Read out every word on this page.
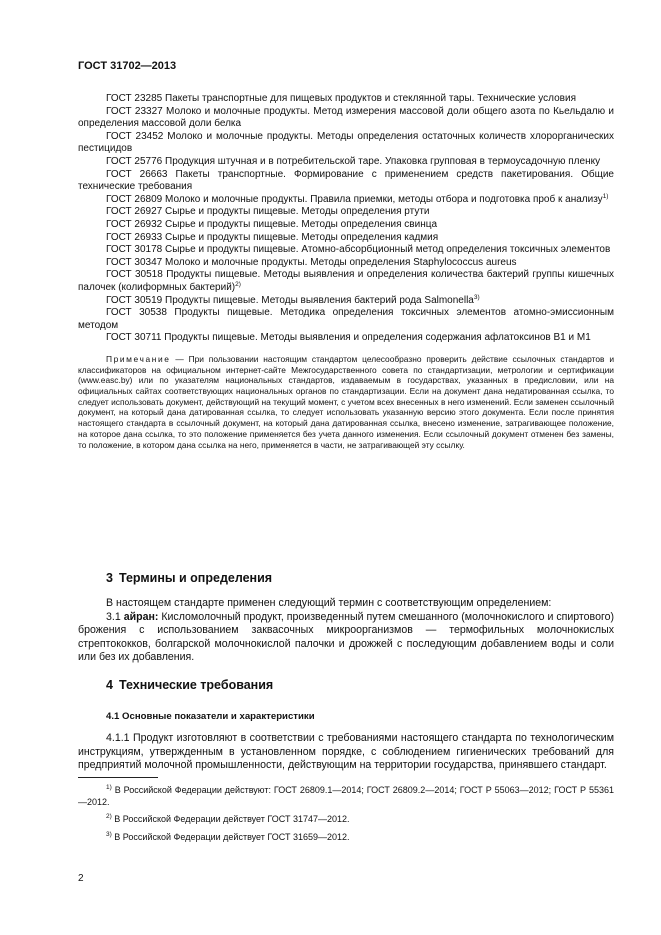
ГОСТ 31702—2013
ГОСТ 23285 Пакеты транспортные для пищевых продуктов и стеклянной тары. Технические условия
ГОСТ 23327 Молоко и молочные продукты. Метод измерения массовой доли общего азота по Кьельдалю и определения массовой доли белка
ГОСТ 23452 Молоко и молочные продукты. Методы определения остаточных количеств хлорорганических пестицидов
ГОСТ 25776 Продукция штучная и в потребительской таре. Упаковка групповая в термоусадочную пленку
ГОСТ 26663 Пакеты транспортные. Формирование с применением средств пакетирования. Общие технические требования
ГОСТ 26809 Молоко и молочные продукты. Правила приемки, методы отбора и подготовка проб к анализу$^{1)}$
ГОСТ 26927 Сырье и продукты пищевые. Методы определения ртути
ГОСТ 26932 Сырье и продукты пищевые. Методы определения свинца
ГОСТ 26933 Сырье и продукты пищевые. Методы определения кадмия
ГОСТ 30178 Сырье и продукты пищевые. Атомно-абсорбционный метод определения токсичных элементов
ГОСТ 30347 Молоко и молочные продукты. Методы определения Staphylococcus aureus
ГОСТ 30518 Продукты пищевые. Методы выявления и определения количества бактерий группы кишечных палочек (колиформных бактерий)$^{2)}$
ГОСТ 30519 Продукты пищевые. Методы выявления бактерий рода Salmonella$^{3)}$
ГОСТ 30538 Продукты пищевые. Методика определения токсичных элементов атомно-эмиссионным методом
ГОСТ 30711 Продукты пищевые. Методы выявления и определения содержания афлатоксинов В1 и М1
Примечание — При пользовании настоящим стандартом целесообразно проверить действие ссылочных стандартов и классификаторов на официальном интернет-сайте Межгосударственного совета по стандартизации, метрологии и сертификации (www.easc.by) или по указателям национальных стандартов, издаваемым в государствах, указанных в предисловии, или на официальных сайтах соответствующих национальных органов по стандартизации. Если на документ дана недатированная ссылка, то следует использовать документ, действующий на текущий момент, с учетом всех внесенных в него изменений. Если заменен ссылочный документ, на который дана датированная ссылка, то следует использовать указанную версию этого документа. Если после принятия настоящего стандарта в ссылочный документ, на который дана датированная ссылка, внесено изменение, затрагивающее положение, на которое дана ссылка, то это положение применяется без учета данного изменения. Если ссылочный документ отменен без замены, то положение, в котором дана ссылка на него, применяется в части, не затрагивающей эту ссылку.
3 Термины и определения
В настоящем стандарте применен следующий термин с соответствующим определением:
3.1 айран: Кисломолочный продукт, произведенный путем смешанного (молочнокислого и спиртового) брожения с использованием заквасочных микроорганизмов — термофильных молочнокислых стрептококков, болгарской молочнокислой палочки и дрожжей с последующим добавлением воды и соли или без их добавления.
4 Технические требования
4.1 Основные показатели и характеристики
4.1.1 Продукт изготовляют в соответствии с требованиями настоящего стандарта по технологическим инструкциям, утвержденным в установленном порядке, с соблюдением гигиенических требований для предприятий молочной промышленности, действующим на территории государства, принявшего стандарт.
$^{1)}$ В Российской Федерации действуют: ГОСТ 26809.1—2014; ГОСТ 26809.2—2014; ГОСТ Р 55063—2012; ГОСТ Р 55361—2012.
$^{2)}$ В Российской Федерации действует ГОСТ 31747—2012.
$^{3)}$ В Российской Федерации действует ГОСТ 31659—2012.
2
